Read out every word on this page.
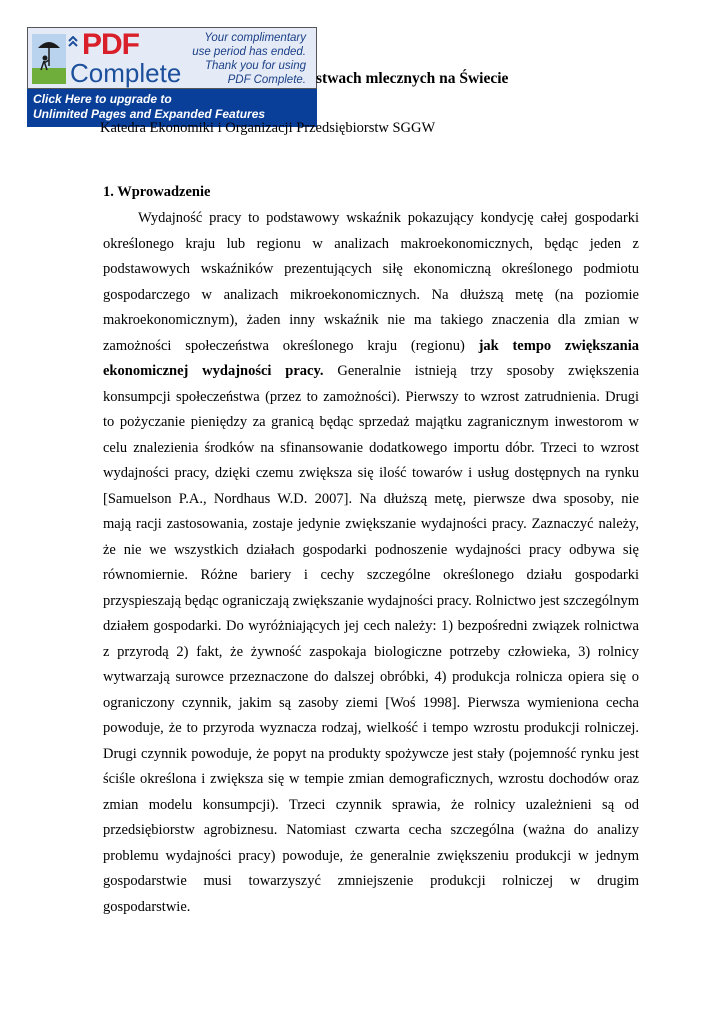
PDF
Complete
Your complimentary
use period has ended.
Thank you for using
PDF Complete.
Click Here to upgrade to
Unlimited Pages and Expanded Features
stwach mlecznych na Świecie
Katedra Ekonomiki i Organizacji Przedsiębiorstw SGGW
1. Wprowadzenie
Wydajność pracy to podstawowy wskaźnik pokazujący kondycję całej gospodarki
określonego kraju lub regionu w analizach makroekonomicznych, będąc jeden z
podstawowych wskaźników prezentujących siłę ekonomiczną określonego podmiotu
gospodarczego w analizach mikroekonomicznych. Na dłuższą metę (na poziomie
makroekonomicznym), żaden inny wskaźnik nie ma takiego znaczenia dla zmian w
zamożności społeczeństwa określonego kraju (regionu) jak tempo zwiększania
ekonomicznej wydajności pracy. Generalnie istnieją trzy sposoby zwiększenia
konsumpcji społeczeństwa (przez to zamożności). Pierwszy to wzrost zatrudnienia. Drugi
to pożyczanie pieniędzy za granicą będąc sprzedaż majątku zagranicznym inwestorom w
celu znalezienia środków na sfinansowanie dodatkowego importu dóbr. Trzeci to wzrost
wydajności pracy, dzięki czemu zwiększa się ilość towarów i usług dostępnych na rynku
[Samuelson P.A., Nordhaus W.D. 2007]. Na dłuższą metę, pierwsze dwa sposoby, nie
mają racji zastosowania, zostaje jedynie zwiększanie wydajności pracy. Zaznaczyć należy,
że nie we wszystkich działach gospodarki podnoszenie wydajności pracy odbywa się
równomiernie. Różne bariery i cechy szczególne określonego działu gospodarki
przyspieszają będąc ograniczają zwiększanie wydajności pracy. Rolnictwo jest szczególnym
działem gospodarki. Do wyróżniających jej cech należy: 1) bezpośredni związek rolnictwa
z przyrodą 2) fakt, że żywność zaspokaja biologiczne potrzeby człowieka, 3) rolnicy
wytwarzają surowce przeznaczone do dalszej obróbki, 4) produkcja rolnicza opiera się o
ograniczony czynnik, jakim są zasoby ziemi [Woś 1998]. Pierwsza wymieniona cecha
powoduje, że to przyroda wyznacza rodzaj, wielkość i tempo wzrostu produkcji rolniczej.
Drugi czynnik powoduje, że popyt na produkty spożywcze jest stały (pojemność rynku jest
ściśle określona i zwiększa się w tempie zmian demograficznych, wzrostu dochodów oraz
zmian modelu konsumpcji). Trzeci czynnik sprawia, że rolnicy uzależnieni są od
przedsiębiorstw agrobiznesu. Natomiast czwarta cecha szczególna (ważna do analizy
problemu wydajności pracy) powoduje, że generalnie zwiększeniu produkcji w jednym
gospodarstwie musi towarzyszyć zmniejszenie produkcji rolniczej w drugim
gospodarstwie.
